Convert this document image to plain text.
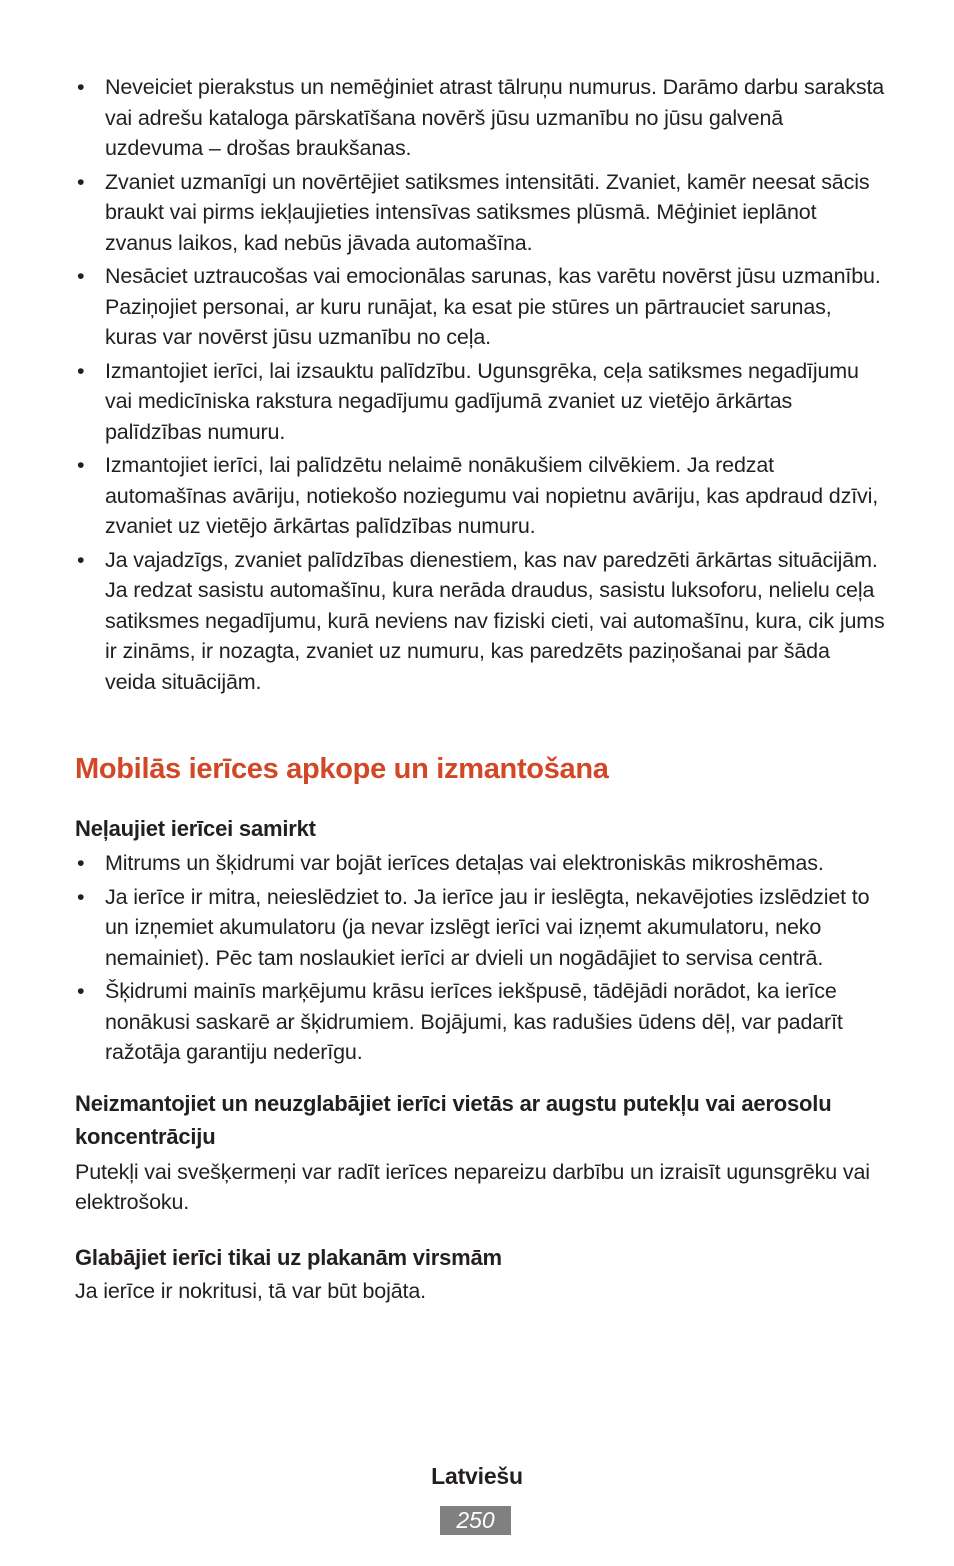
• Neveiciet pierakstus un nemēģiniet atrast tālruņu numurus. Darāmo darbu saraksta vai adrešu kataloga pārskatīšana novērš jūsu uzmanību no jūsu galvenā uzdevuma – drošas braukšanas.
• Zvaniet uzmanīgi un novērtējiet satiksmes intensitāti. Zvaniet, kamēr neesat sācis braukt vai pirms iekļaujieties intensīvas satiksmes plūsmā. Mēģiniet ieplānot zvanus laikos, kad nebūs jāvada automašīna.
• Nesāciet uztraucošas vai emocionālas sarunas, kas varētu novērst jūsu uzmanību. Paziņojiet personai, ar kuru runājat, ka esat pie stūres un pārtrauciet sarunas, kuras var novērst jūsu uzmanību no ceļa.
• Izmantojiet ierīci, lai izsauktu palīdzību. Ugunsgrēka, ceļa satiksmes negadījumu vai medicīniska rakstura negadījumu gadījumā zvaniet uz vietējo ārkārtas palīdzības numuru.
• Izmantojiet ierīci, lai palīdzētu nelaimē nonākušiem cilvēkiem. Ja redzat automašīnas avāriju, notiekošo noziegumu vai nopietnu avāriju, kas apdraud dzīvi, zvaniet uz vietējo ārkārtas palīdzības numuru.
• Ja vajadzīgs, zvaniet palīdzības dienestiem, kas nav paredzēti ārkārtas situācijām. Ja redzat sasistu automašīnu, kura nerāda draudus, sasistu luksoforu, nelielu ceļa satiksmes negadījumu, kurā neviens nav fiziski cieti, vai automašīnu, kura, cik jums ir zināms, ir nozagta, zvaniet uz numuru, kas paredzēts paziņošanai par šāda veida situācijām.
Mobilās ierīces apkope un izmantošana
Neļaujiet ierīcei samirkt
• Mitrums un šķidrumi var bojāt ierīces detaļas vai elektroniskās mikroshēmas.
• Ja ierīce ir mitra, neieslēdziet to. Ja ierīce jau ir ieslēgta, nekavējoties izslēdziet to un izņemiet akumulatoru (ja nevar izslēgt ierīci vai izņemt akumulatoru, neko nemainiet). Pēc tam noslaukiet ierīci ar dvieli un nogādājiet to servisa centrā.
• Šķidrumi mainīs marķējumu krāsu ierīces iekšpusē, tādējādi norādot, ka ierīce nonākusi saskarē ar šķidrumiem. Bojājumi, kas radušies ūdens dēļ, var padarīt ražotāja garantiju nederīgu.
Neizmantojiet un neuzglabājiet ierīci vietās ar augstu putekļu vai aerosolu koncentrāciju

Putekļi vai svešķermeņi var radīt ierīces nepareizu darbību un izraisīt ugunsgrēku vai elektrošoku.

Glabājiet ierīci tikai uz plakanām virsmām

Ja ierīce ir nokritusi, tā var būt bojāta.

Latviešu
250
